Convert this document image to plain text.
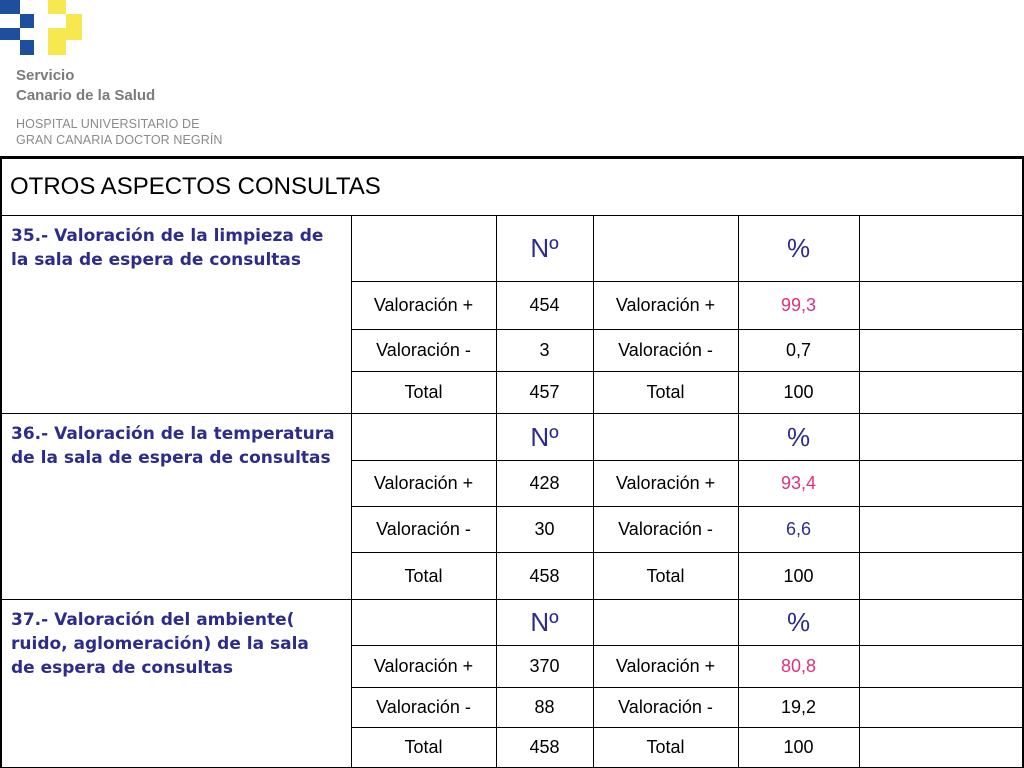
Servicio
Canario de la Salud
HOSPITAL UNIVERSITARIO DE
GRAN CANARIA DOCTOR NEGRÍN
OTROS ASPECTOS CONSULTAS					
35.- Valoración de la limpieza de la sala de espera de consultas		Nº		%	
	Valoración +	454	Valoración +	99,3	
	Valoración -	3	Valoración -	0,7	
	Total	457	Total	100	
36.- Valoración de la temperatura de la sala de espera de consultas		Nº		%	
	Valoración +	428	Valoración +	93,4	
	Valoración -	30	Valoración -	6,6	
	Total	458	Total	100	
37.- Valoración del ambiente( ruido, aglomeración) de la sala de espera de consultas		Nº		%	
	Valoración +	370	Valoración +	80,8	
	Valoración -	88	Valoración -	19,2	
	Total	458	Total	100	
